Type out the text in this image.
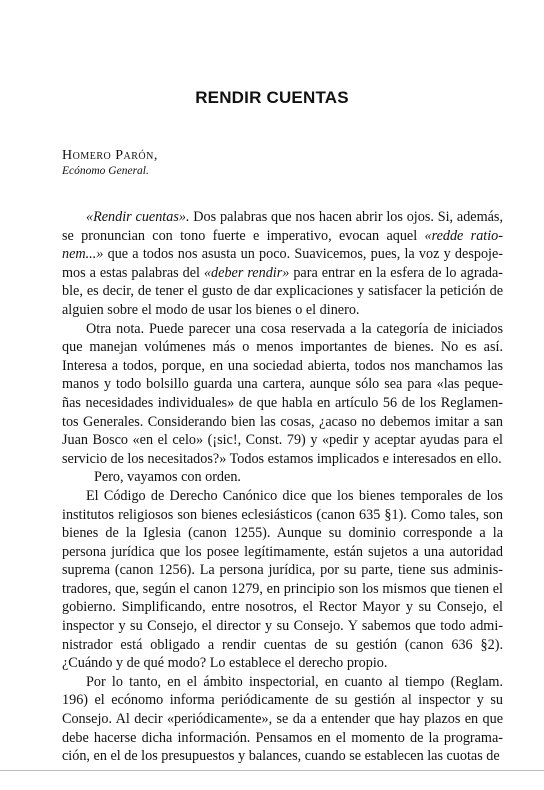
RENDIR CUENTAS
Homero Parón,
Ecónomo General.

«Rendir cuentas». Dos palabras que nos hacen abrir los ojos. Si, además, se pronuncian con tono fuerte e imperativo, evocan aquel «redde ratio-nem...» que a todos nos asusta un poco. Suavicemos, pues, la voz y despoje-mos a estas palabras del «deber rendir» para entrar en la esfera de lo agrada-ble, es decir, de tener el gusto de dar explicaciones y satisfacer la petición de alguien sobre el modo de usar los bienes o el dinero.

Otra nota. Puede parecer una cosa reservada a la categoría de iniciados que manejan volúmenes más o menos importantes de bienes. No es así. Interesa a todos, porque, en una sociedad abierta, todos nos manchamos las manos y todo bolsillo guarda una cartera, aunque sólo sea para «las peque-ñas necesidades individuales» de que habla en artículo 56 de los Reglamen-tos Generales. Considerando bien las cosas, ¿acaso no debemos imitar a san Juan Bosco «en el celo» (¡sic!, Const. 79) y «pedir y aceptar ayudas para el servicio de los necesitados?» Todos estamos implicados e interesados en ello.

Pero, vayamos con orden.

El Código de Derecho Canónico dice que los bienes temporales de los institutos religiosos son bienes eclesiásticos (canon 635 §1). Como tales, son bienes de la Iglesia (canon 1255). Aunque su dominio corresponde a la persona jurídica que los posee legítimamente, están sujetos a una autoridad suprema (canon 1256). La persona jurídica, por su parte, tiene sus adminis-tradores, que, según el canon 1279, en principio son los mismos que tienen el gobierno. Simplificando, entre nosotros, el Rector Mayor y su Consejo, el inspector y su Consejo, el director y su Consejo. Y sabemos que todo admi-nistrador está obligado a rendir cuentas de su gestión (canon 636 §2). ¿Cuándo y de qué modo? Lo establece el derecho propio.

Por lo tanto, en el ámbito inspectorial, en cuanto al tiempo (Reglam. 196) el ecónomo informa periódicamente de su gestión al inspector y su Consejo. Al decir «periódicamente», se da a entender que hay plazos en que debe hacerse dicha información. Pensamos en el momento de la programa-ción, en el de los presupuestos y balances, cuando se establecen las cuotas de
